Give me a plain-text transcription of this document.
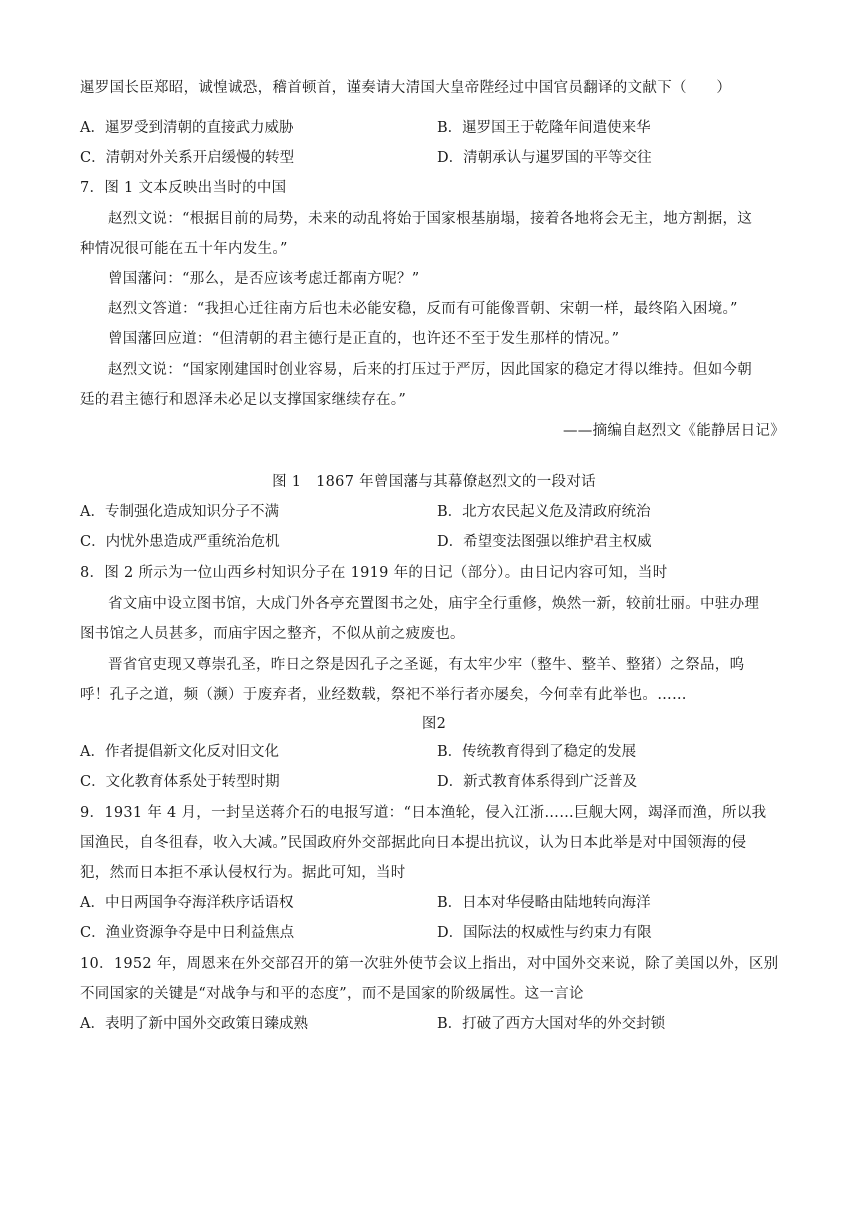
暹罗国长臣郑昭，诚惶诚恐，稽首顿首，谨奏请大清国大皇帝陛经过中国官员翻译的文献下（　　）
A．暹罗受到清朝的直接武力威胁	B．暹罗国王于乾隆年间遣使来华
C．清朝对外关系开启缓慢的转型	D．清朝承认与暹罗国的平等交往
7．图 1 文本反映出当时的中国
赵烈文说：“根据目前的局势，未来的动乱将始于国家根基崩塌，接着各地将会无主，地方割据，这
种情况很可能在五十年内发生。”
曾国藩问：“那么，是否应该考虑迁都南方呢？”
赵烈文答道：“我担心迁往南方后也未必能安稳，反而有可能像晋朝、宋朝一样，最终陷入困境。”
曾国藩回应道：“但清朝的君主德行是正直的，也许还不至于发生那样的情况。”
赵烈文说：“国家刚建国时创业容易，后来的打压过于严厉，因此国家的稳定才得以维持。但如今朝
廷的君主德行和恩泽未必足以支撑国家继续存在。”
——摘编自赵烈文《能静居日记》
图 1　1867 年曾国藩与其幕僚赵烈文的一段对话
A．专制强化造成知识分子不满	B．北方农民起义危及清政府统治
C．内忧外患造成严重统治危机	D．希望变法图强以维护君主权威
8．图 2 所示为一位山西乡村知识分子在 1919 年的日记（部分）。由日记内容可知，当时
省文庙中设立图书馆，大成门外各亭充置图书之处，庙宇全行重修，焕然一新，较前壮丽。中驻办理
图书馆之人员甚多，而庙宇因之整齐，不似从前之疲废也。
晋省官吏现又尊崇孔圣，昨日之祭是因孔子之圣诞，有太牢少牢（整牛、整羊、整猪）之祭品，呜
呼！孔子之道，频（濒）于废弃者，业经数载，祭祀不举行者亦屡矣，今何幸有此举也。……
图2
A．作者提倡新文化反对旧文化	B．传统教育得到了稳定的发展
C．文化教育体系处于转型时期	D．新式教育体系得到广泛普及
9．1931 年 4 月，一封呈送蒋介石的电报写道：“日本渔轮，侵入江浙……巨舰大网，竭泽而渔，所以我
国渔民，自冬徂春，收入大减。”民国政府外交部据此向日本提出抗议，认为日本此举是对中国领海的侵
犯，然而日本拒不承认侵权行为。据此可知，当时
A．中日两国争夺海洋秩序话语权	B．日本对华侵略由陆地转向海洋
C．渔业资源争夺是中日利益焦点	D．国际法的权威性与约束力有限
10．1952 年，周恩来在外交部召开的第一次驻外使节会议上指出，对中国外交来说，除了美国以外，区别
不同国家的关键是“对战争与和平的态度”，而不是国家的阶级属性。这一言论
A．表明了新中国外交政策日臻成熟	B．打破了西方大国对华的外交封锁
